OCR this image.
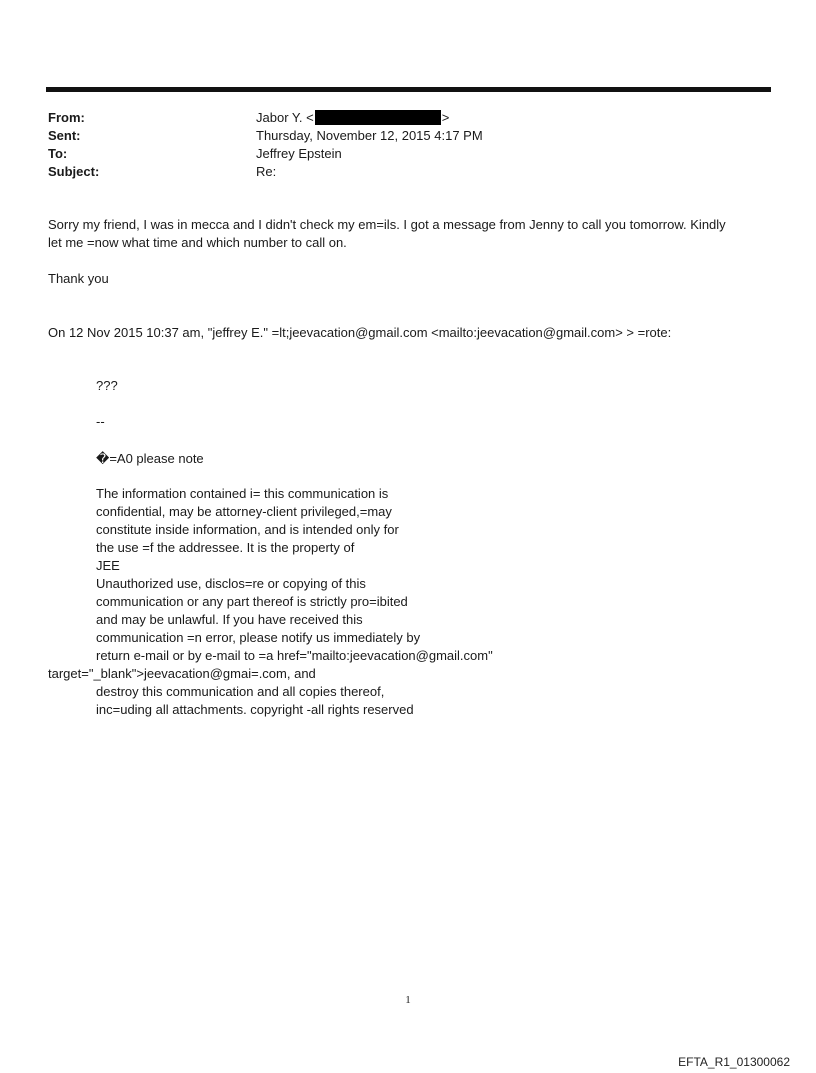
From:	Jabor Y. <	>
Sent:	Thursday, November 12, 2015 4:17 PM
To:	Jeffrey Epstein
Subject:	Re:
Sorry my friend, I was in mecca and I didn't check my em=ils. I got a message from Jenny to call you tomorrow. Kindly
let me =now what time and which number to call on.
Thank you
On 12 Nov 2015 10:37 am, "jeffrey E." =lt;jeevacation@gmail.com <mailto:jeevacation@gmail.com> > =rote:
???
--
�=A0 please note
The information contained i= this communication is
confidential, may be attorney-client privileged,=may
constitute inside information, and is intended only for
the use =f the addressee. It is the property of
JEE
Unauthorized use, disclos=re or copying of this
communication or any part thereof is strictly pro=ibited
and may be unlawful. If you have received this
communication =n error, please notify us immediately by
return e-mail or by e-mail to =a href="mailto:jeevacation@gmail.com"
target="_blank">jeevacation@gmai=.com, and
destroy this communication and all copies thereof,
inc=uding all attachments. copyright -all rights reserved
1
EFTA_R1_01300062
